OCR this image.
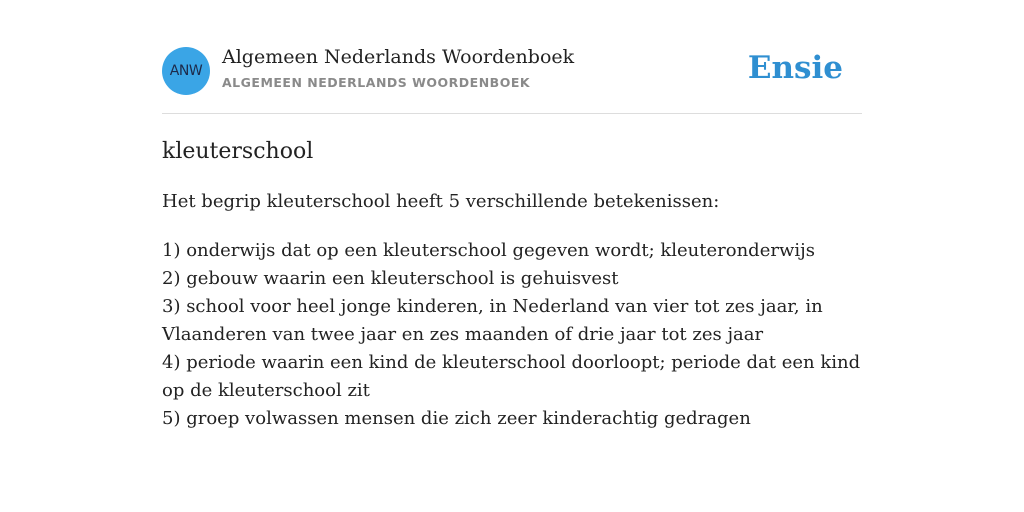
ANW
Algemeen Nederlands Woordenboek
ALGEMEEN NEDERLANDS WOORDENBOEK	Ensie
kleuterschool
Het begrip kleuterschool heeft 5 verschillende betekenissen:
1) onderwijs dat op een kleuterschool gegeven wordt; kleuteronderwijs
2) gebouw waarin een kleuterschool is gehuisvest
3) school voor heel jonge kinderen, in Nederland van vier tot zes jaar, in Vlaanderen van twee jaar en zes maanden of drie jaar tot zes jaar
4) periode waarin een kind de kleuterschool doorloopt; periode dat een kind op de kleuterschool zit
5) groep volwassen mensen die zich zeer kinderachtig gedragen
